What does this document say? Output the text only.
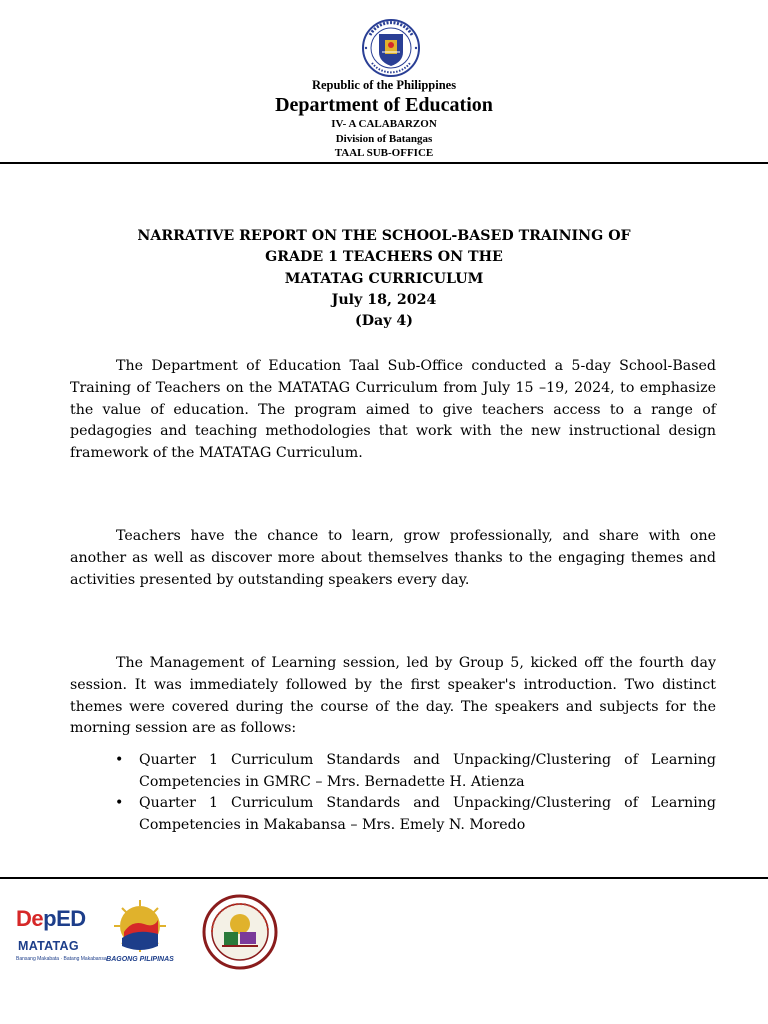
Republic of the Philippines
Department of Education
IV- A CALABARZON
Division of Batangas
TAAL SUB-OFFICE
NARRATIVE REPORT ON THE SCHOOL-BASED TRAINING OF
GRADE 1 TEACHERS ON THE
MATATAG CURRICULUM
July 18, 2024
(Day 4)

The Department of Education Taal Sub-Office conducted a 5-day School-Based Training of Teachers on the MATATAG Curriculum from July 15 –19, 2024, to emphasize the value of education. The program aimed to give teachers access to a range of pedagogies and teaching methodologies that work with the new instructional design framework of the MATATAG Curriculum.

Teachers have the chance to learn, grow professionally, and share with one another as well as discover more about themselves thanks to the engaging themes and activities presented by outstanding speakers every day.

The Management of Learning session, led by Group 5, kicked off the fourth day session. It was immediately followed by the first speaker's introduction. Two distinct themes were covered during the course of the day. The speakers and subjects for the morning session are as follows:

• Quarter 1 Curriculum Standards and Unpacking/Clustering of Learning Competencies in GMRC – Mrs. Bernadette H. Atienza
• Quarter 1 Curriculum Standards and Unpacking/Clustering of Learning Competencies in Makabansa – Mrs. Emely N. Moredo
DepED
MATATAG
Bansang Makabata · Batang Makabansa BAGONG PILIPINAS
